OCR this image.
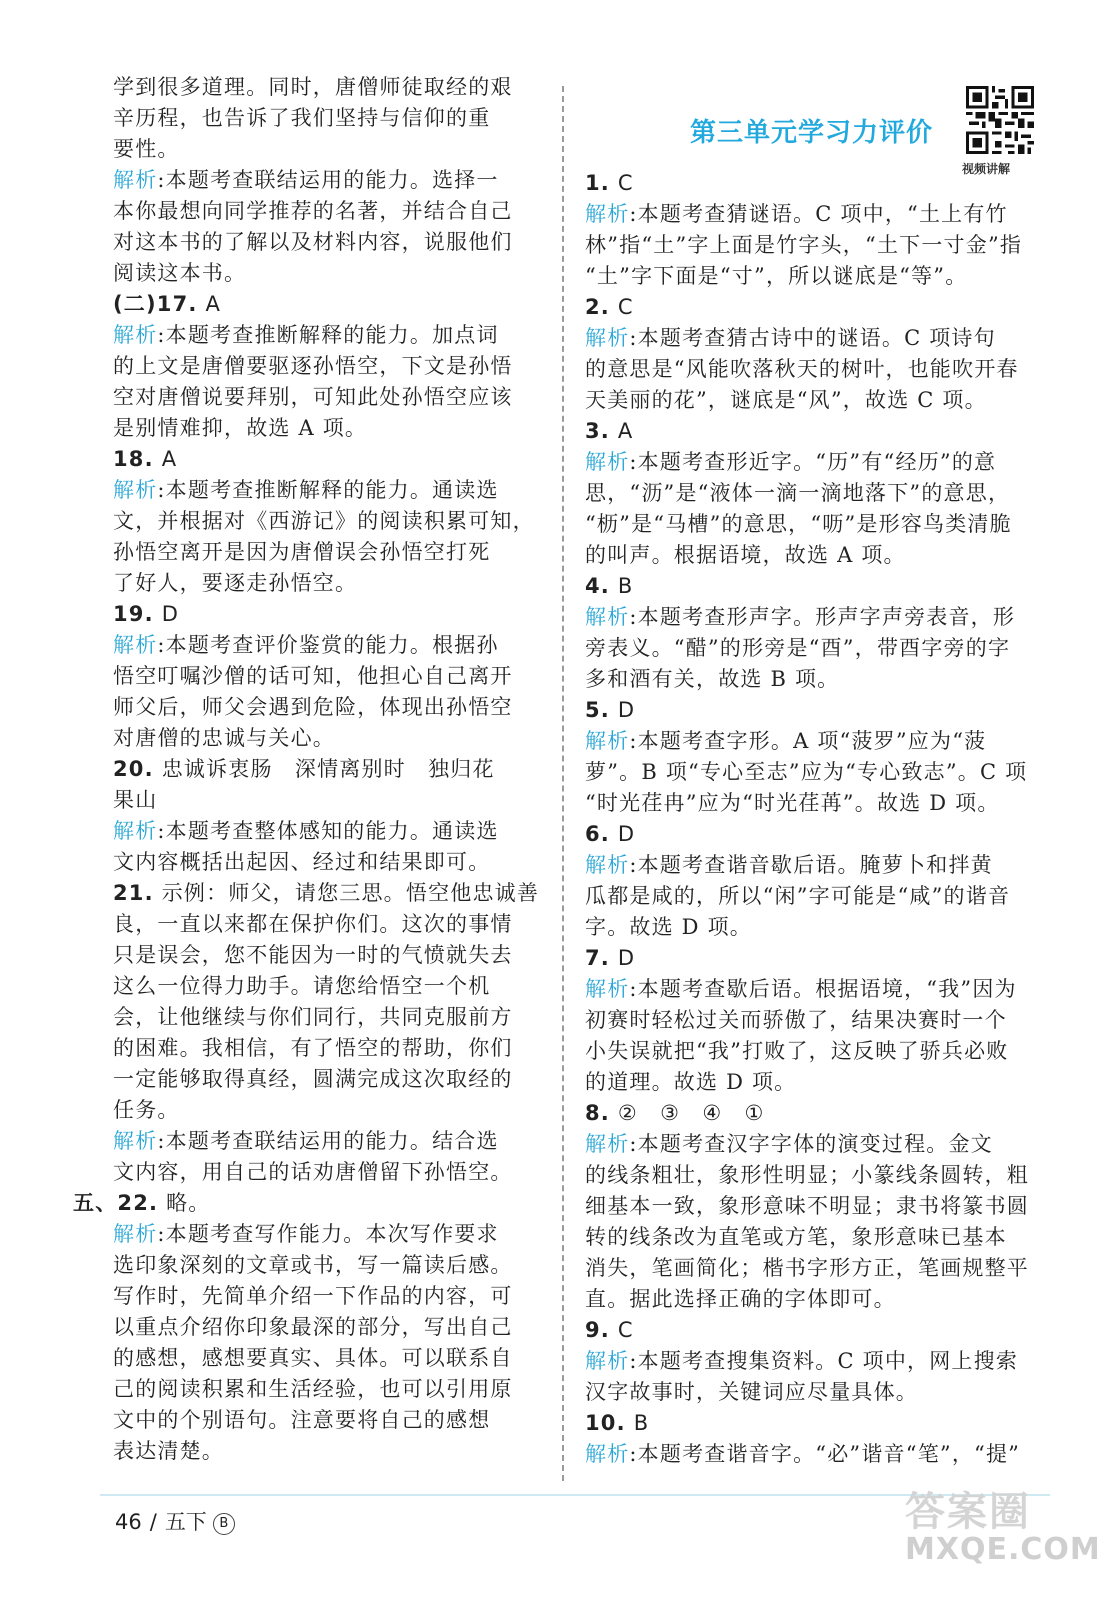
学到很多道理。同时，唐僧师徒取经的艰
辛历程，也告诉了我们坚持与信仰的重
要性。
解析:本题考查联结运用的能力。选择一
本你最想向同学推荐的名著，并结合自己
对这本书的了解以及材料内容，说服他们
阅读这本书。
(二)17. A
解析:本题考查推断解释的能力。加点词
的上文是唐僧要驱逐孙悟空，下文是孙悟
空对唐僧说要拜别，可知此处孙悟空应该
是别情难抑，故选 A 项。
18. A
解析:本题考查推断解释的能力。通读选
文，并根据对《西游记》的阅读积累可知，
孙悟空离开是因为唐僧误会孙悟空打死
了好人，要逐走孙悟空。
19. D
解析:本题考查评价鉴赏的能力。根据孙
悟空叮嘱沙僧的话可知，他担心自己离开
师父后，师父会遇到危险，体现出孙悟空
对唐僧的忠诚与关心。
20. 忠诚诉衷肠　深情离别时　独归花
果山
解析:本题考查整体感知的能力。通读选
文内容概括出起因、经过和结果即可。
21. 示例：师父，请您三思。悟空他忠诚善
良，一直以来都在保护你们。这次的事情
只是误会，您不能因为一时的气愤就失去
这么一位得力助手。请您给悟空一个机
会，让他继续与你们同行，共同克服前方
的困难。我相信，有了悟空的帮助，你们
一定能够取得真经，圆满完成这次取经的
任务。
解析:本题考查联结运用的能力。结合选
文内容，用自己的话劝唐僧留下孙悟空。
五、22. 略。
解析:本题考查写作能力。本次写作要求
选印象深刻的文章或书，写一篇读后感。
写作时，先简单介绍一下作品的内容，可
以重点介绍你印象最深的部分，写出自己
的感想，感想要真实、具体。可以联系自
己的阅读积累和生活经验，也可以引用原
文中的个别语句。注意要将自己的感想
表达清楚。
第三单元学习力评价
视频讲解
1. C
解析:本题考查猜谜语。C 项中，“土上有竹
林”指“土”字上面是竹字头，“土下一寸金”指
“土”字下面是“寸”，所以谜底是“等”。
2. C
解析:本题考查猜古诗中的谜语。C 项诗句
的意思是“风能吹落秋天的树叶，也能吹开春
天美丽的花”，谜底是“风”，故选 C 项。
3. A
解析:本题考查形近字。“历”有“经历”的意
思，“沥”是“液体一滴一滴地落下”的意思，
“枥”是“马槽”的意思，“呖”是形容鸟类清脆
的叫声。根据语境，故选 A 项。
4. B
解析:本题考查形声字。形声字声旁表音，形
旁表义。“醋”的形旁是“酉”，带酉字旁的字
多和酒有关，故选 B 项。
5. D
解析:本题考查字形。A 项“菠罗”应为“菠
萝”。B 项“专心至志”应为“专心致志”。C 项
“时光荏冉”应为“时光荏苒”。故选 D 项。
6. D
解析:本题考查谐音歇后语。腌萝卜和拌黄
瓜都是咸的，所以“闲”字可能是“咸”的谐音
字。故选 D 项。
7. D
解析:本题考查歇后语。根据语境，“我”因为
初赛时轻松过关而骄傲了，结果决赛时一个
小失误就把“我”打败了，这反映了骄兵必败
的道理。故选 D 项。
8. ②　③　④　①
解析:本题考查汉字字体的演变过程。金文
的线条粗壮，象形性明显；小篆线条圆转，粗
细基本一致，象形意味不明显；隶书将篆书圆
转的线条改为直笔或方笔，象形意味已基本
消失，笔画简化；楷书字形方正，笔画规整平
直。据此选择正确的字体即可。
9. C
解析:本题考查搜集资料。C 项中，网上搜索
汉字故事时，关键词应尽量具体。
10. B
解析:本题考查谐音字。“必”谐音“笔”，“提”
46 / 五下 B	答案圈
MXQE.COM
